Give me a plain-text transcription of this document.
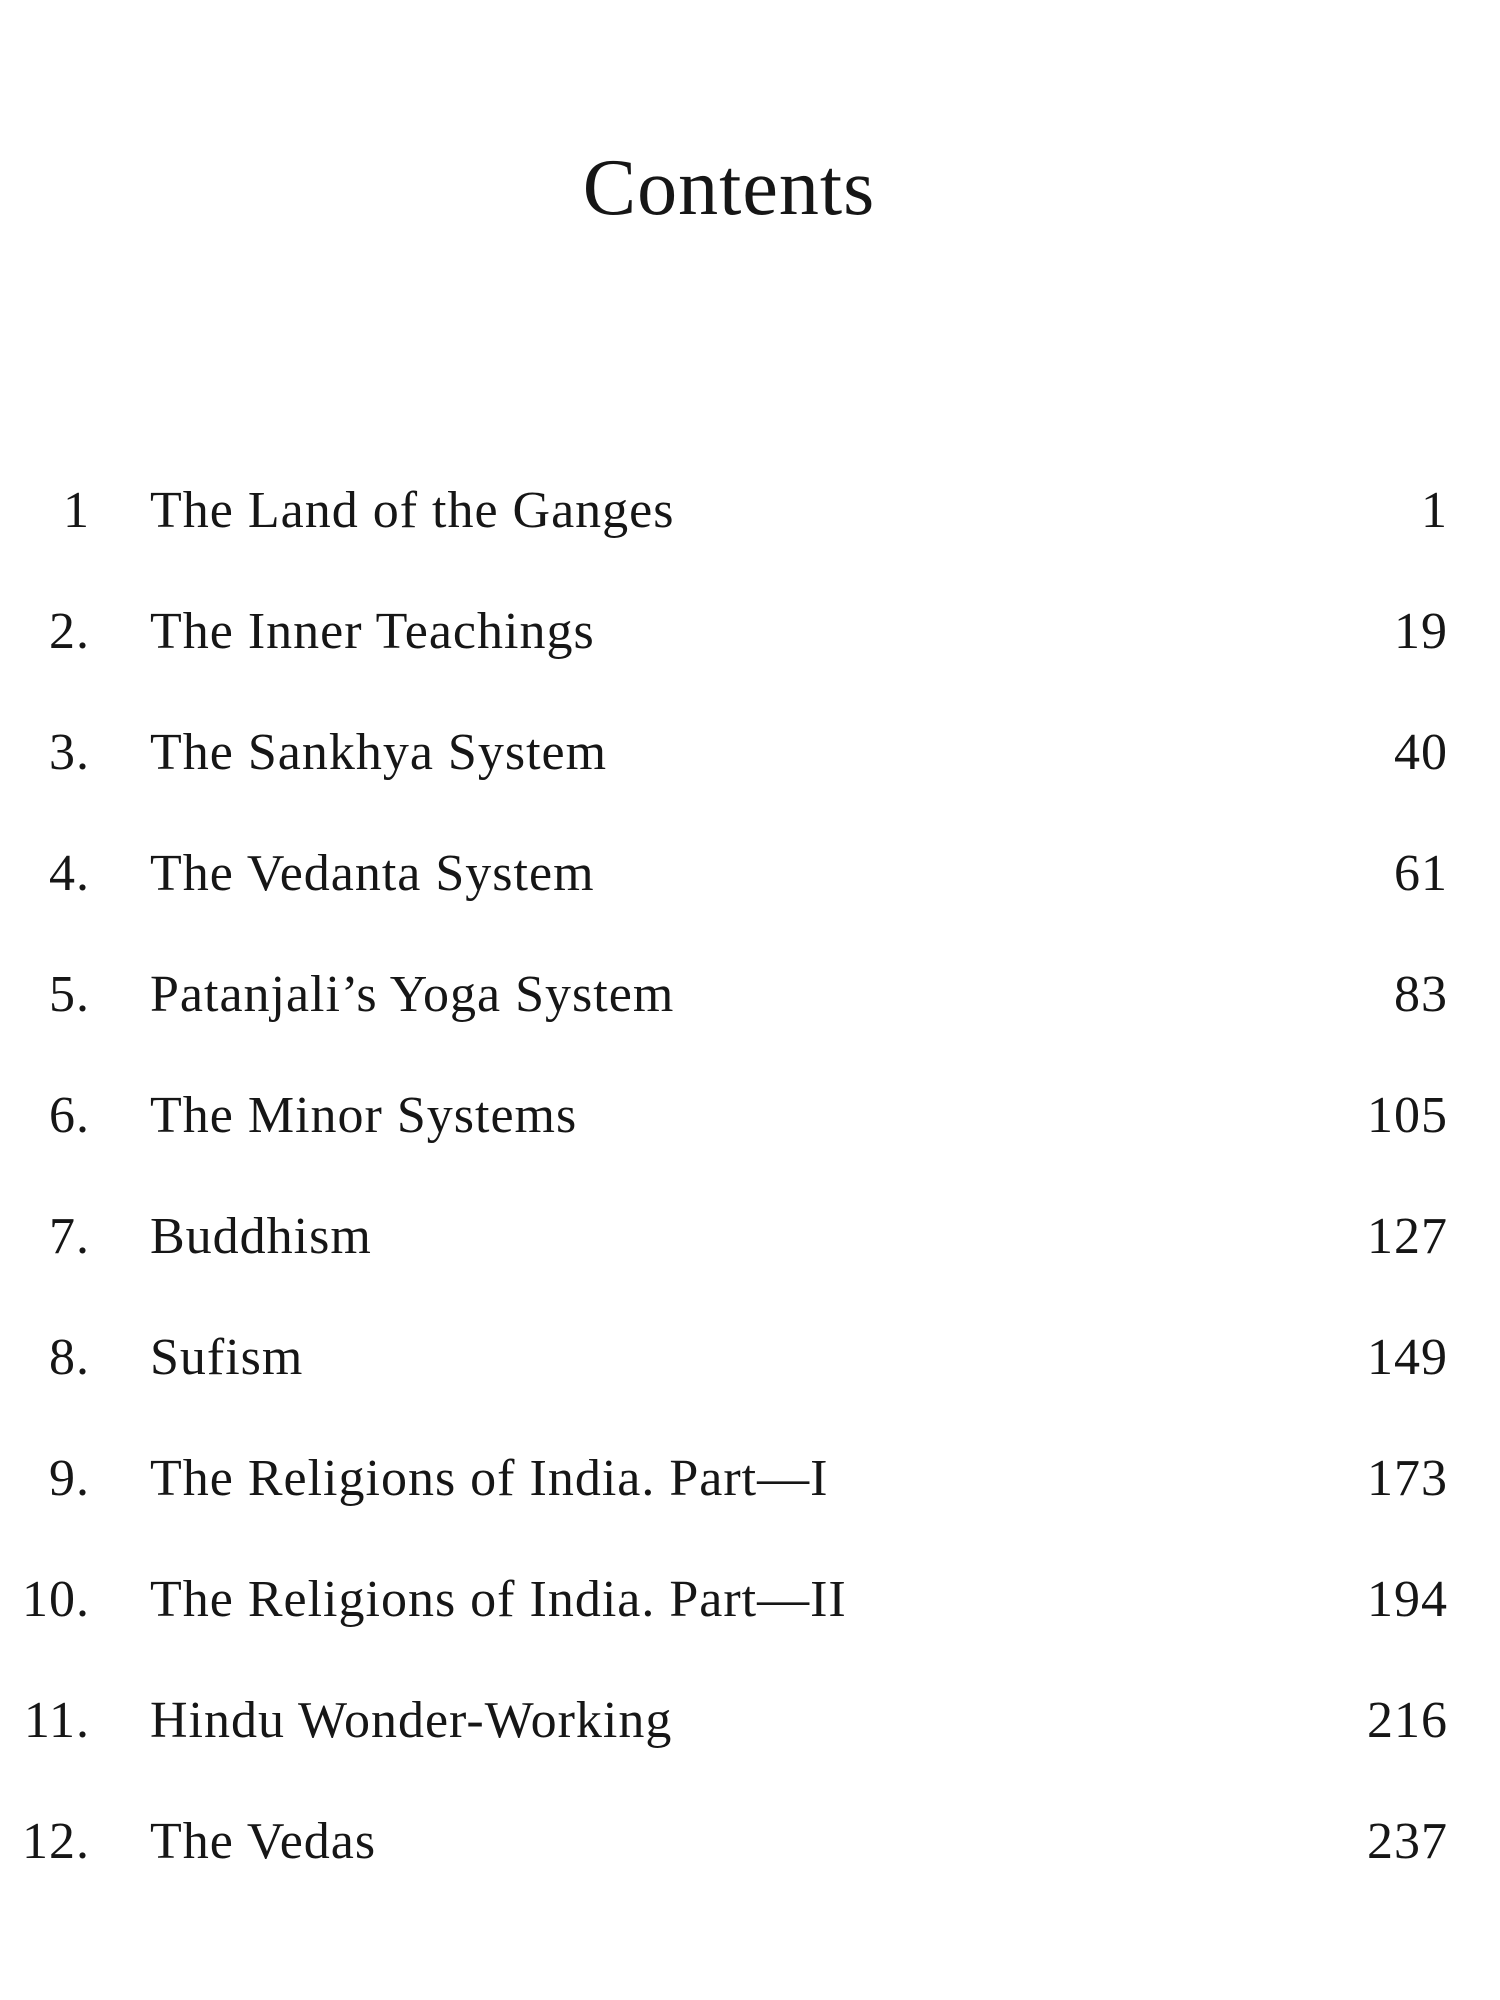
Contents
1 The Land of the Ganges	1
2. The Inner Teachings	19
3. The Sankhya System	40
4. The Vedanta System	61
5. Patanjali’s Yoga System	83
6. The Minor Systems	105
7. Buddhism	127
8. Sufism	149
9. The Religions of India. Part—I	173
10. The Religions of India. Part—II	194
11. Hindu Wonder-Working	216
12. The Vedas	237
